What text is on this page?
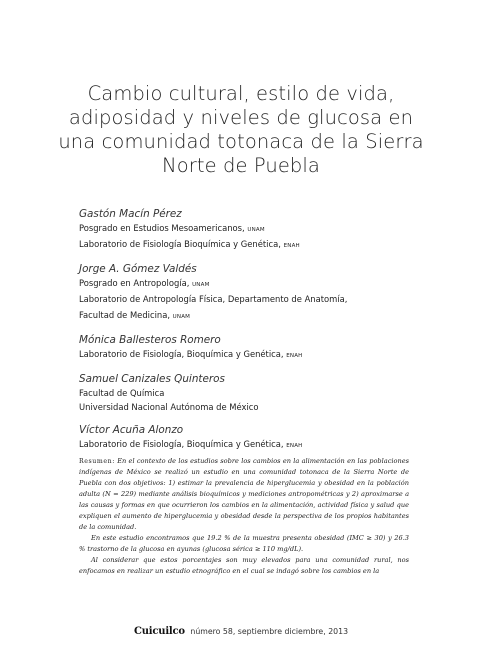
Cambio cultural, estilo de vida,
adiposidad y niveles de glucosa en
una comunidad totonaca de la Sierra
Norte de Puebla
Gastón Macín Pérez
Posgrado en Estudios Mesoamericanos, UNAM
Laboratorio de Fisiología Bioquímica y Genética, ENAH
Jorge A. Gómez Valdés
Posgrado en Antropología, UNAM
Laboratorio de Antropología Física, Departamento de Anatomía,
Facultad de Medicina, UNAM
Mónica Ballesteros Romero
Laboratorio de Fisiología, Bioquímica y Genética, ENAH
Samuel Canizales Quinteros
Facultad de Química
Universidad Nacional Autónoma de México
Víctor Acuña Alonzo
Laboratorio de Fisiología, Bioquímica y Genética, ENAH

Resumen: En el contexto de los estudios sobre los cambios en la alimentación en las poblaciones indígenas de México se realizó un estudio en una comunidad totonaca de la Sierra Norte de Puebla con dos objetivos: 1) estimar la prevalencia de hiperglucemia y obesidad en la población adulta (N = 229) mediante análisis bioquímicos y mediciones antropométricas y 2) aproximarse a las causas y formas en que ocurrieron los cambios en la alimentación, actividad física y salud que expliquen el aumento de hiperglucemia y obesidad desde la perspectiva de los propios habitantes de la comunidad.

En este estudio encontramos que 19.2 % de la muestra presenta obesidad (IMC ≥ 30) y 26.3 % trastorno de la glucosa en ayunas (glucosa sérica ≥ 110 mg/dL).

Al considerar que estos porcentajes son muy elevados para una comunidad rural, nos enfocamos en realizar un estudio etnográfico en el cual se indagó sobre los cambios en la

Cuicuilco número 58, septiembre diciembre, 2013
